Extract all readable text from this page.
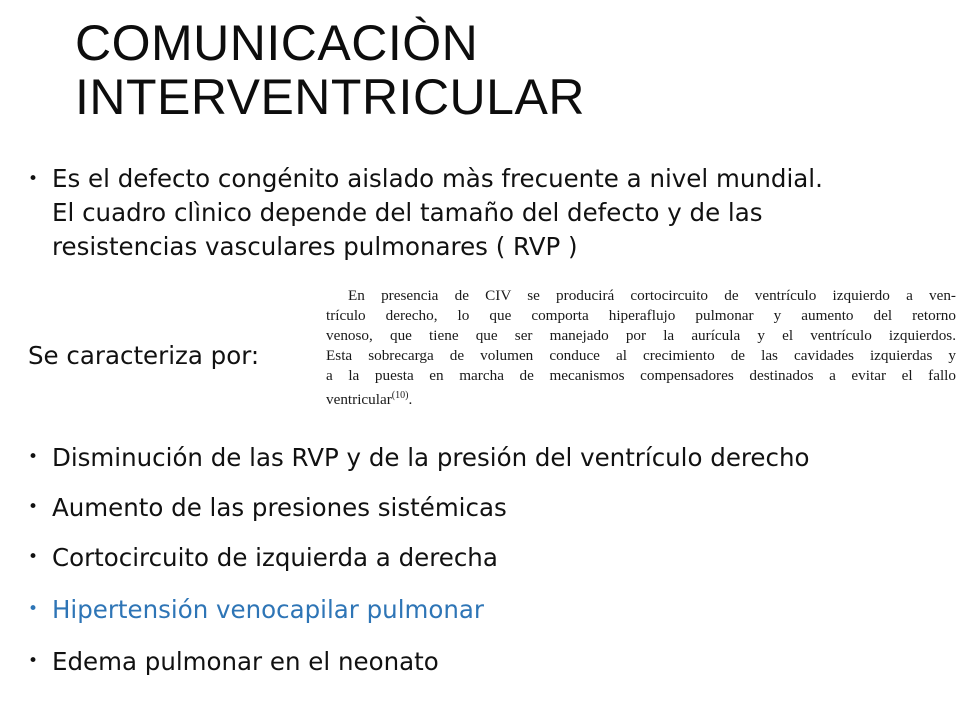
COMUNICACIÒN
INTERVENTRICULAR
• Es el defecto congénito aislado màs frecuente a nivel mundial.
El cuadro clìnico depende del tamaño del defecto y de las
resistencias vasculares pulmonares ( RVP )
En presencia de CIV se producirá cortocircuito de ventrículo izquierdo a ven-
trículo derecho, lo que comporta hiperaflujo pulmonar y aumento del retorno
venoso, que tiene que ser manejado por la aurícula y el ventrículo izquierdos.
Esta sobrecarga de volumen conduce al crecimiento de las cavidades izquierdas y
a la puesta en marcha de mecanismos compensadores destinados a evitar el fallo
ventricular$^{(10)}$.
Se caracteriza por:
• Disminución de las RVP y de la presión del ventrículo derecho
• Aumento de las presiones sistémicas
• Cortocircuito de izquierda a derecha
• Hipertensión venocapilar pulmonar
• Edema pulmonar en el neonato
